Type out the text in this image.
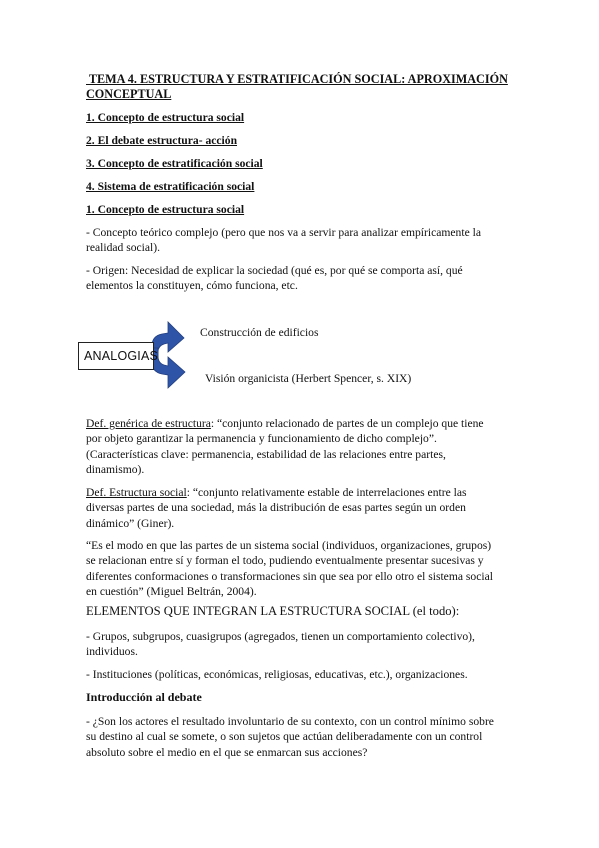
TEMA 4. ESTRUCTURA Y ESTRATIFICACIÓN SOCIAL: APROXIMACIÓN
CONCEPTUAL
1. Concepto de estructura social
2. El debate estructura- acción
3. Concepto de estratificación social
4. Sistema de estratificación social
1. Concepto de estructura social
- Concepto teórico complejo (pero que nos va a servir para analizar empíricamente la
realidad social).
- Origen: Necesidad de explicar la sociedad (qué es, por qué se comporta así, qué
elementos la constituyen, cómo funciona, etc.
ANALOGIAS
Construcción de edificios
Visión organicista (Herbert Spencer, s. XIX)
Def. genérica de estructura: “conjunto relacionado de partes de un complejo que tiene
por objeto garantizar la permanencia y funcionamiento de dicho complejo”.
(Características clave: permanencia, estabilidad de las relaciones entre partes,
dinamismo).
Def. Estructura social: “conjunto relativamente estable de interrelaciones entre las
diversas partes de una sociedad, más la distribución de esas partes según un orden
dinámico” (Giner).
“Es el modo en que las partes de un sistema social (individuos, organizaciones, grupos)
se relacionan entre sí y forman el todo, pudiendo eventualmente presentar sucesivas y
diferentes conformaciones o transformaciones sin que sea por ello otro el sistema social
en cuestión” (Miguel Beltrán, 2004).
ELEMENTOS QUE INTEGRAN LA ESTRUCTURA SOCIAL (el todo):
- Grupos, subgrupos, cuasigrupos (agregados, tienen un comportamiento colectivo),
individuos.
- Instituciones (políticas, económicas, religiosas, educativas, etc.), organizaciones.
Introducción al debate
- ¿Son los actores el resultado involuntario de su contexto, con un control mínimo sobre
su destino al cual se somete, o son sujetos que actúan deliberadamente con un control
absoluto sobre el medio en el que se enmarcan sus acciones?
